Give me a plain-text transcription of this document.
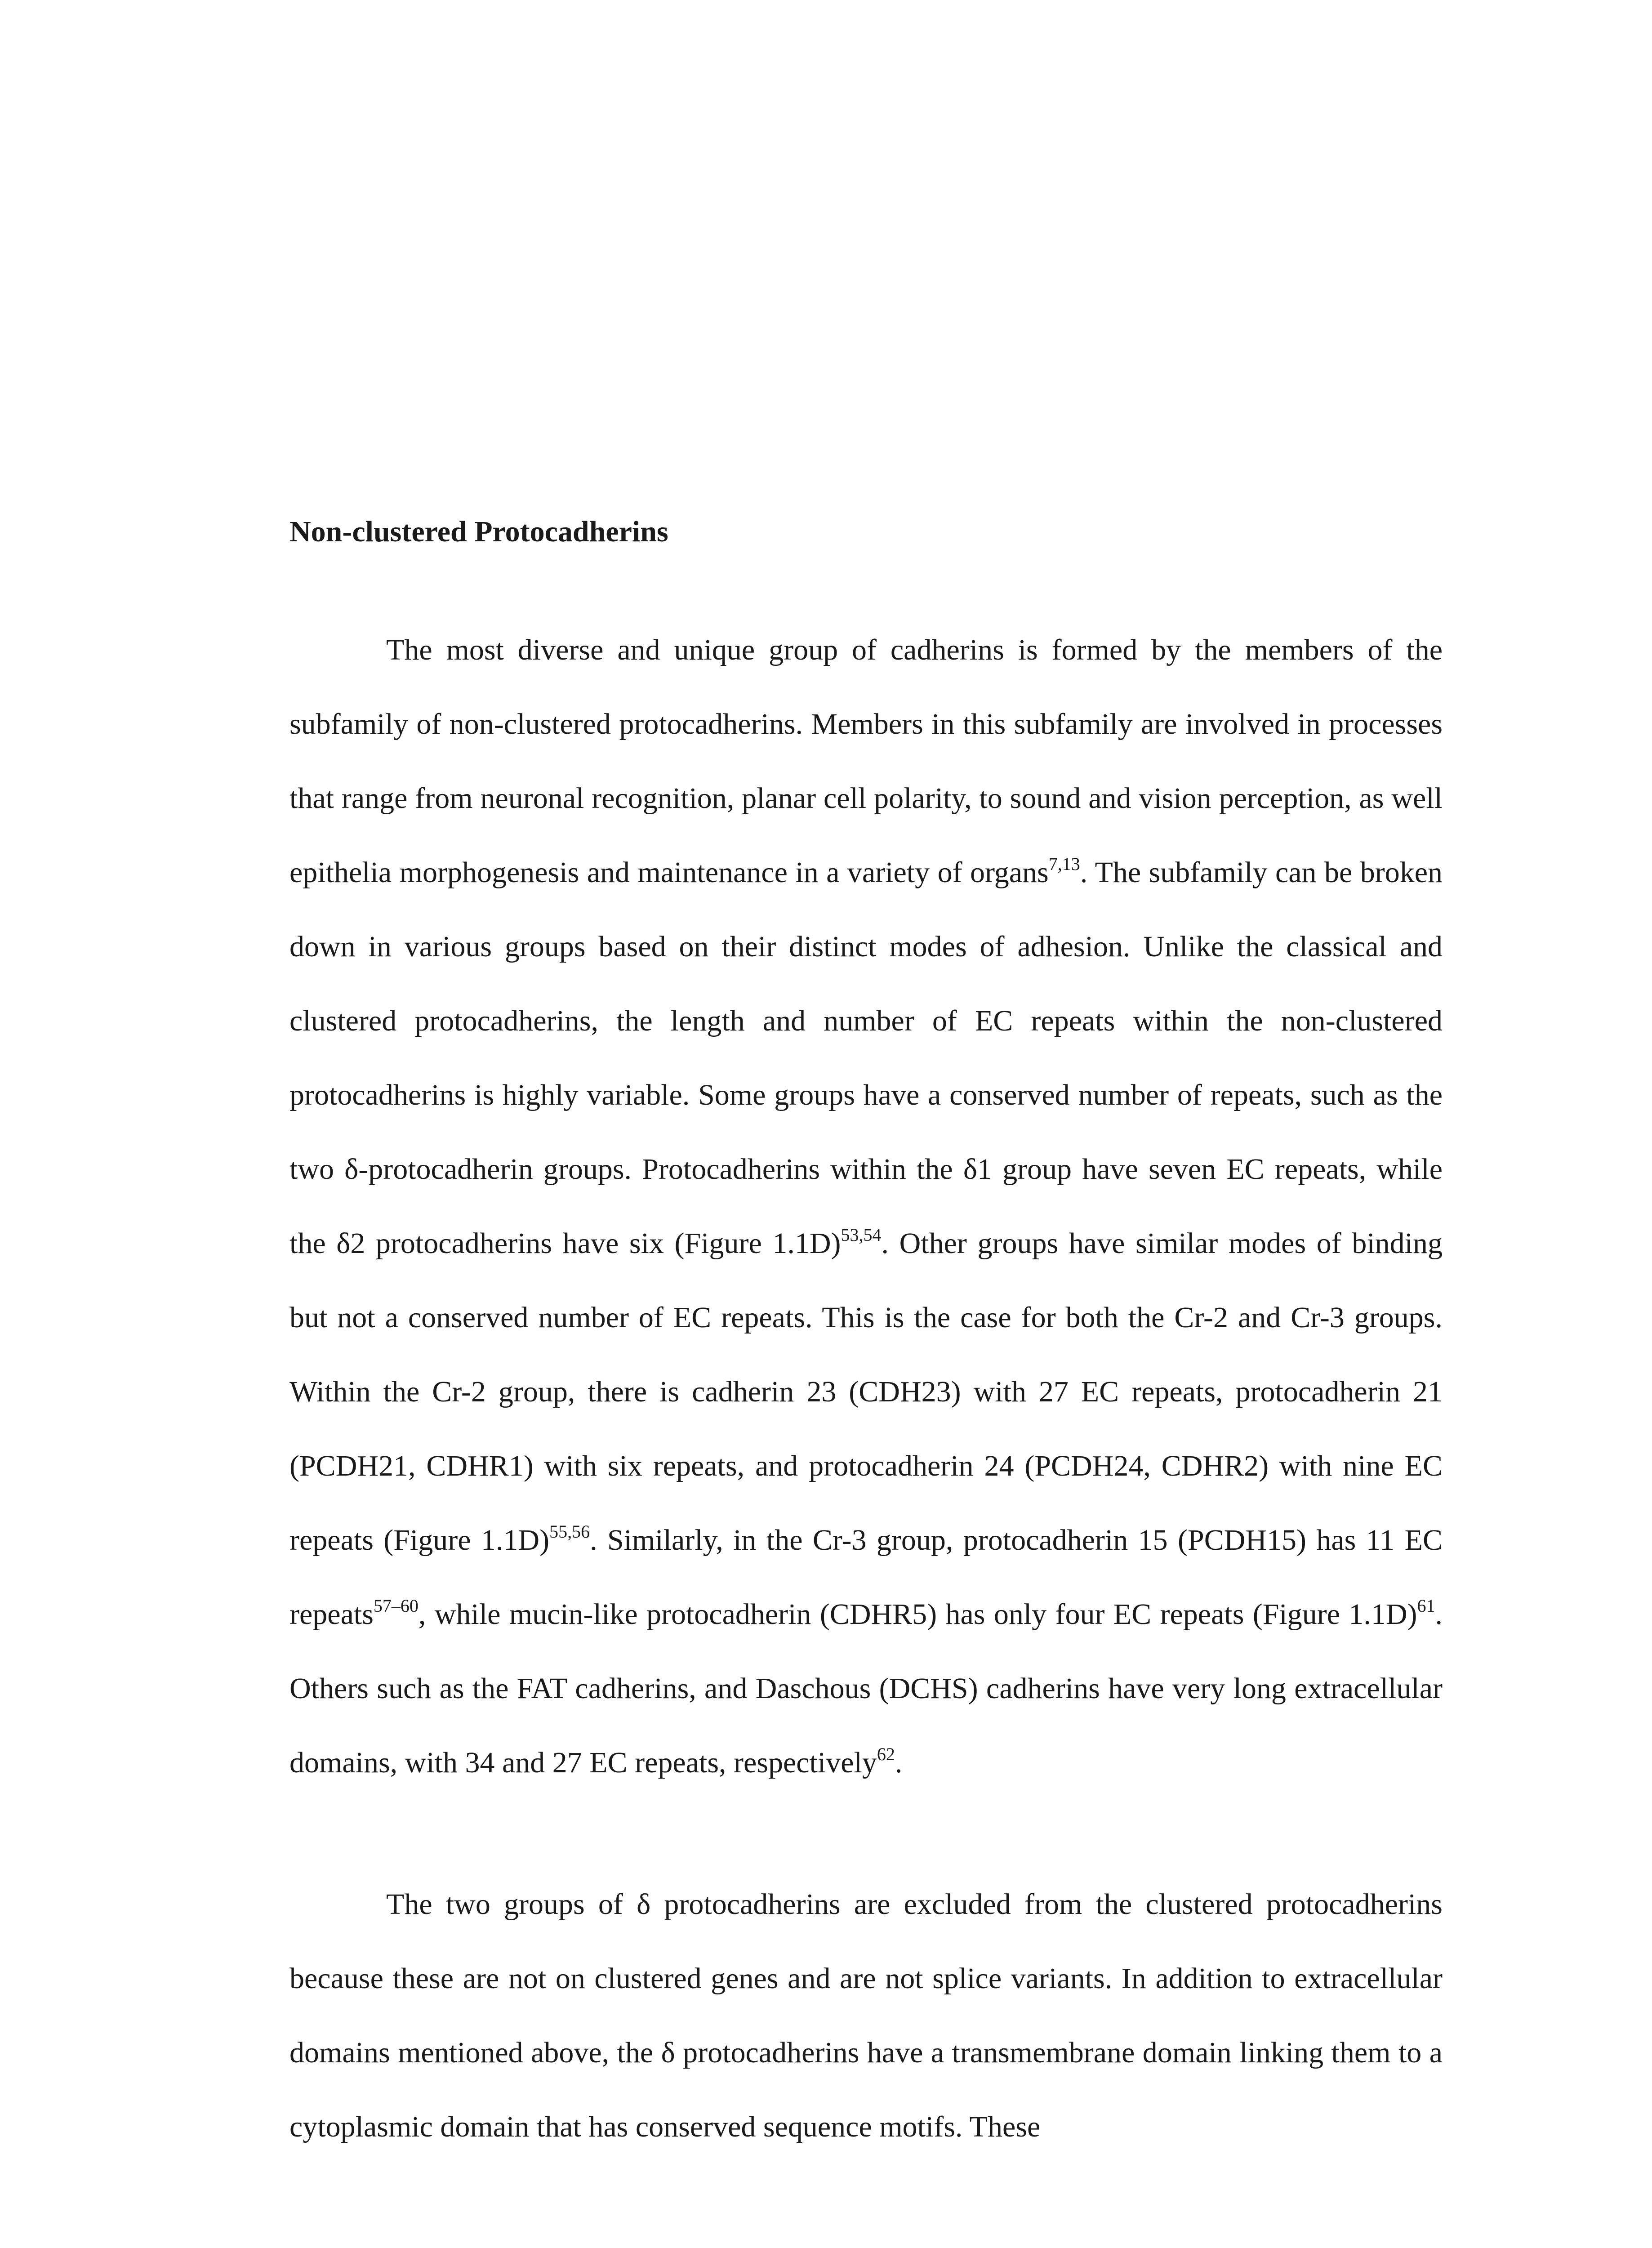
Non-clustered Protocadherins

The most diverse and unique group of cadherins is formed by the members of the subfamily of non-clustered protocadherins. Members in this subfamily are involved in processes that range from neuronal recognition, planar cell polarity, to sound and vision perception, as well epithelia morphogenesis and maintenance in a variety of organs$^{7,13}$. The subfamily can be broken down in various groups based on their distinct modes of adhesion. Unlike the classical and clustered protocadherins, the length and number of EC repeats within the non-clustered protocadherins is highly variable. Some groups have a conserved number of repeats, such as the two δ-protocadherin groups. Protocadherins within the δ1 group have seven EC repeats, while the δ2 protocadherins have six (Figure 1.1D)$^{53,54}$. Other groups have similar modes of binding but not a conserved number of EC repeats. This is the case for both the Cr-2 and Cr-3 groups. Within the Cr-2 group, there is cadherin 23 (CDH23) with 27 EC repeats, protocadherin 21 (PCDH21, CDHR1) with six repeats, and protocadherin 24 (PCDH24, CDHR2) with nine EC repeats (Figure 1.1D)$^{55,56}$. Similarly, in the Cr-3 group, protocadherin 15 (PCDH15) has 11 EC repeats$^{57-60}$, while mucin-like protocadherin (CDHR5) has only four EC repeats (Figure 1.1D)$^{61}$. Others such as the FAT cadherins, and Daschous (DCHS) cadherins have very long extracellular domains, with 34 and 27 EC repeats, respectively$^{62}$.

The two groups of δ protocadherins are excluded from the clustered protocadherins because these are not on clustered genes and are not splice variants. In addition to extracellular domains mentioned above, the δ protocadherins have a transmembrane domain linking them to a cytoplasmic domain that has conserved sequence motifs. These
